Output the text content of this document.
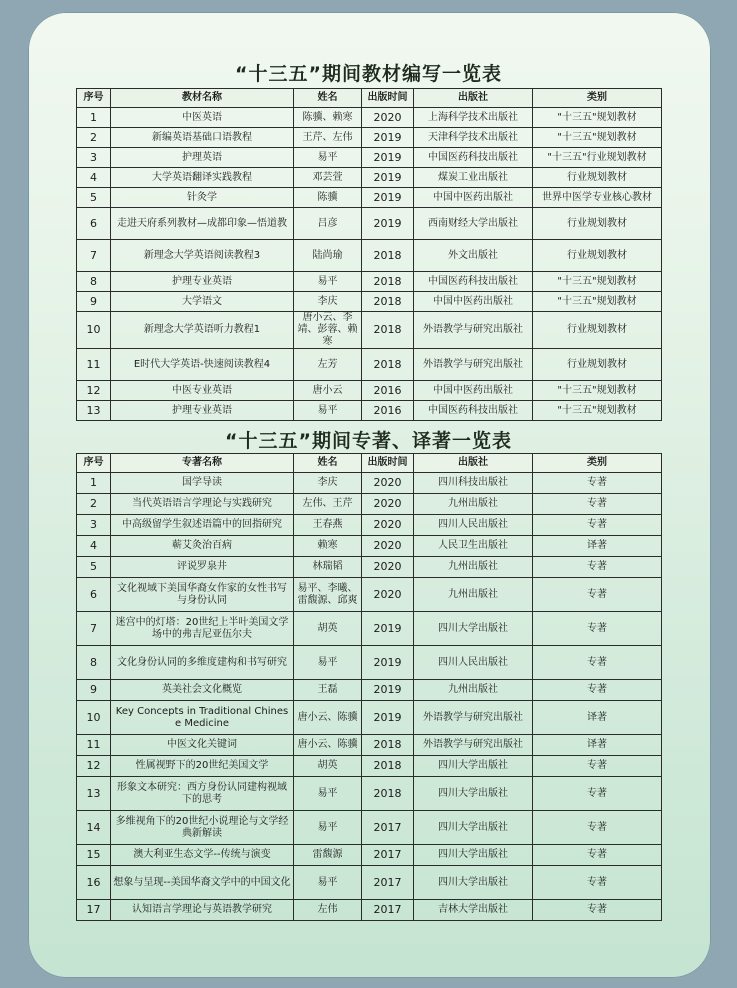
“十三五”期间教材编写一览表
序号	教材名称	姓名	出版时间	出版社	类别
1	中医英语	陈骥、赖寒	2020	上海科学技术出版社	"十三五"规划教材
2	新编英语基础口语教程	王芹、左伟	2019	天津科学技术出版社	"十三五"规划教材
3	护理英语	易平	2019	中国医药科技出版社	"十三五"行业规划教材
4	大学英语翻译实践教程	邓芸萱	2019	煤炭工业出版社	行业规划教材
5	针灸学	陈骥	2019	中国中医药出版社	世界中医学专业核心教材
6	走进天府系列教材—成都印象—悟道教	吕彦	2019	西南财经大学出版社	行业规划教材
7	新理念大学英语阅读教程3	陆尚瑜	2018	外文出版社	行业规划教材
8	护理专业英语	易平	2018	中国医药科技出版社	"十三五"规划教材
9	大学语文	李庆	2018	中国中医药出版社	"十三五"规划教材
10	新理念大学英语听力教程1	唐小云、李靖、彭蓉、赖寒	2018	外语教学与研究出版社	行业规划教材
11	E时代大学英语-快速阅读教程4	左芳	2018	外语教学与研究出版社	行业规划教材
12	中医专业英语	唐小云	2016	中国中医药出版社	"十三五"规划教材
13	护理专业英语	易平	2016	中国医药科技出版社	"十三五"规划教材
“十三五”期间专著、译著一览表
序号	专著名称	姓名	出版时间	出版社	类别
1	国学导读	李庆	2020	四川科技出版社	专著
2	当代英语语言学理论与实践研究	左伟、王芹	2020	九州出版社	专著
3	中高级留学生叙述语篇中的回指研究	王春燕	2020	四川人民出版社	专著
4	蕲艾灸治百病	赖寒	2020	人民卫生出版社	译著
5	评说罗泉井	林瑞韬	2020	九州出版社	专著
6	文化视域下美国华裔女作家的女性书写与身份认同	易平、李曦、雷馥源、邱爽	2020	九州出版社	专著
7	迷宫中的灯塔：20世纪上半叶美国文学场中的弗吉尼亚伍尔夫	胡英	2019	四川大学出版社	专著
8	文化身份认同的多维度建构和书写研究	易平	2019	四川人民出版社	专著
9	英美社会文化概览	王磊	2019	九州出版社	专著
10	Key Concepts in Traditional Chinese Medicine	唐小云、陈骥	2019	外语教学与研究出版社	译著
11	中医文化关键词	唐小云、陈骥	2018	外语教学与研究出版社	译著
12	性属视野下的20世纪美国文学	胡英	2018	四川大学出版社	专著
13	形象文本研究：西方身份认同建构视域下的思考	易平	2018	四川大学出版社	专著
14	多维视角下的20世纪小说理论与文学经典新解读	易平	2017	四川大学出版社	专著
15	澳大利亚生态文学--传统与演变	雷馥源	2017	四川大学出版社	专著
16	想象与呈现--美国华裔文学中的中国文化	易平	2017	四川大学出版社	专著
17	认知语言学理论与英语教学研究	左伟	2017	吉林大学出版社	专著
